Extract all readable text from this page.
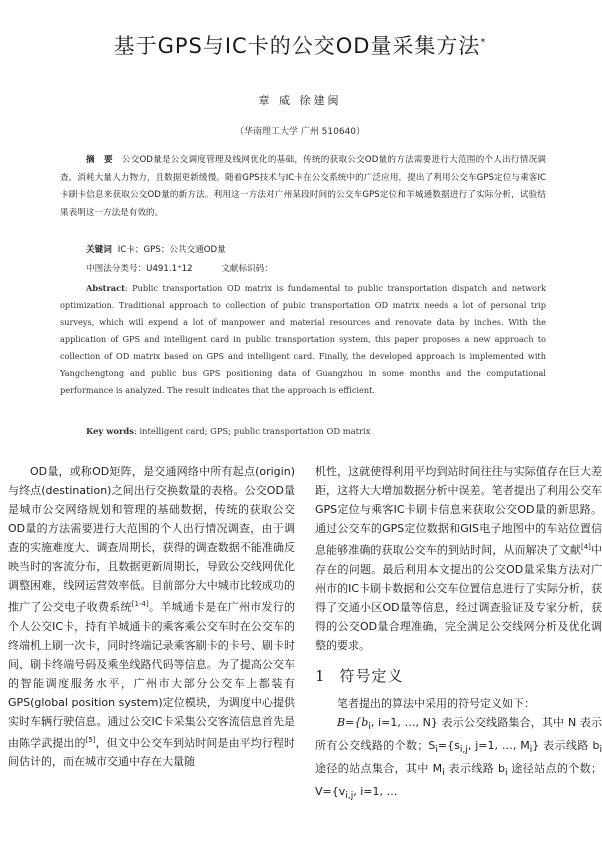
基于GPS与IC卡的公交OD量采集方法*
章 威 徐建闽
（华南理工大学 广州 510640）
摘 要 公交OD量是公交调度管理及线网优化的基础，传统的获取公交OD量的方法需要进行大范围的个人出行情况调查，消耗大量人力物力，且数据更新缓慢。随着GPS技术与IC卡在公交系统中的广泛应用，提出了利用公交车GPS定位与乘客IC卡刷卡信息来获取公交OD量的新方法。利用这一方法对广州某段时间的公交车GPS定位和羊城通数据进行了实际分析，试验结果表明这一方法是有效的。
关键词 IC卡；GPS；公共交通OD量
中图法分类号：U491.1⁺12	文献标识码：
Abstract: Public transportation OD matrix is fundamental to public transportation dispatch and network optimization. Traditional approach to collection of pubic transportation OD matrix needs a lot of personal trip surveys, which will expend a lot of manpower and material resources and renovate data by inches. With the application of GPS and intelligent card in public transportation system, this paper proposes a new approach to collection of OD matrix based on GPS and intelligent card. Finally, the developed approach is implemented with Yangchengtong and public bus GPS positioning data of Guangzhou in some months and the computational performance is analyzed. The result indicates that the approach is efficient.
Key words: intelligent card; GPS; public transportation OD matrix

OD量，或称OD矩阵，是交通网络中所有起点(origin)与终点(destination)之间出行交换数量的表格。公交OD量是城市公交网络规划和管理的基础数据，传统的获取公交OD量的方法需要进行大范围的个人出行情况调查，由于调查的实施难度大、调查周期长，获得的调查数据不能准确反映当时的客流分布，且数据更新周期长，导致公交线网优化调整困难，线网运营效率低。目前部分大中城市比较成功的推广了公交电子收费系统[1-4]。羊城通卡是在广州市发行的个人公交IC卡，持有羊城通卡的乘客乘公交车时在公交车的终端机上刷一次卡，同时终端记录乘客刷卡的卡号、刷卡时间、刷卡终端号码及乘坐线路代码等信息。为了提高公交车的智能调度服务水平，广州市大部分公交车上都装有GPS(global position system)定位模块，为调度中心提供实时车辆行驶信息。通过公交IC卡采集公交客流信息首先是由陈学武提出的[5]，但文中公交车到站时间是由平均行程时间估计的，而在城市交通中存在大量随

机性，这就使得利用平均到站时间往往与实际值存在巨大差距，这将大大增加数据分析中误差。笔者提出了利用公交车GPS定位与乘客IC卡刷卡信息来获取公交OD量的新思路。通过公交车的GPS定位数据和GIS电子地图中的车站位置信息能够准确的获取公交车的到站时间，从而解决了文献[4]中存在的问题。最后利用本文提出的公交OD量采集方法对广州市的IC卡刷卡数据和公交车位置信息进行了实际分析，获得了交通小区OD量等信息，经过调查验证及专家分析，获得的公交OD量合理准确，完全满足公交线网分析及优化调整的要求。

1 符号定义

笔者提出的算法中采用的符号定义如下：

$B=\{b_i$, i=1, …, N} 表示公交线路集合，其中 N 表示所有公交线路的个数；$S_i=\{s_{i,j}$, j=1, …, $M_i$} 表示线路 $b_i$ 途径的站点集合，其中 $M_i$ 表示线路 $b_i$ 途径站点的个数；$V=\{v_{i,j}$, i=1, …
